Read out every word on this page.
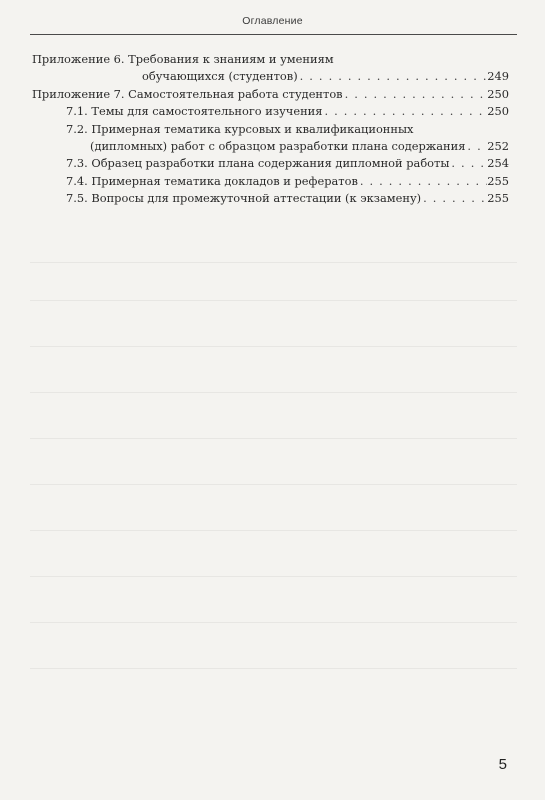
Оглавление
Приложение 6. Требования к знаниям и умениям
обучающихся (студентов) . . .	249
Приложение 7. Самостоятельная работа студентов . . .	250
7.1. Темы для самостоятельного изучения . . .	250
7.2. Примерная тематика курсовых и квалификационных
(дипломных) работ с образцом разработки плана содержания . . . 252
7.3. Образец разработки плана содержания дипломной работы . . .	254
7.4. Примерная тематика докладов и рефератов . . .	255
7.5. Вопросы для промежуточной аттестации (к экзамену) . . .	255
5
